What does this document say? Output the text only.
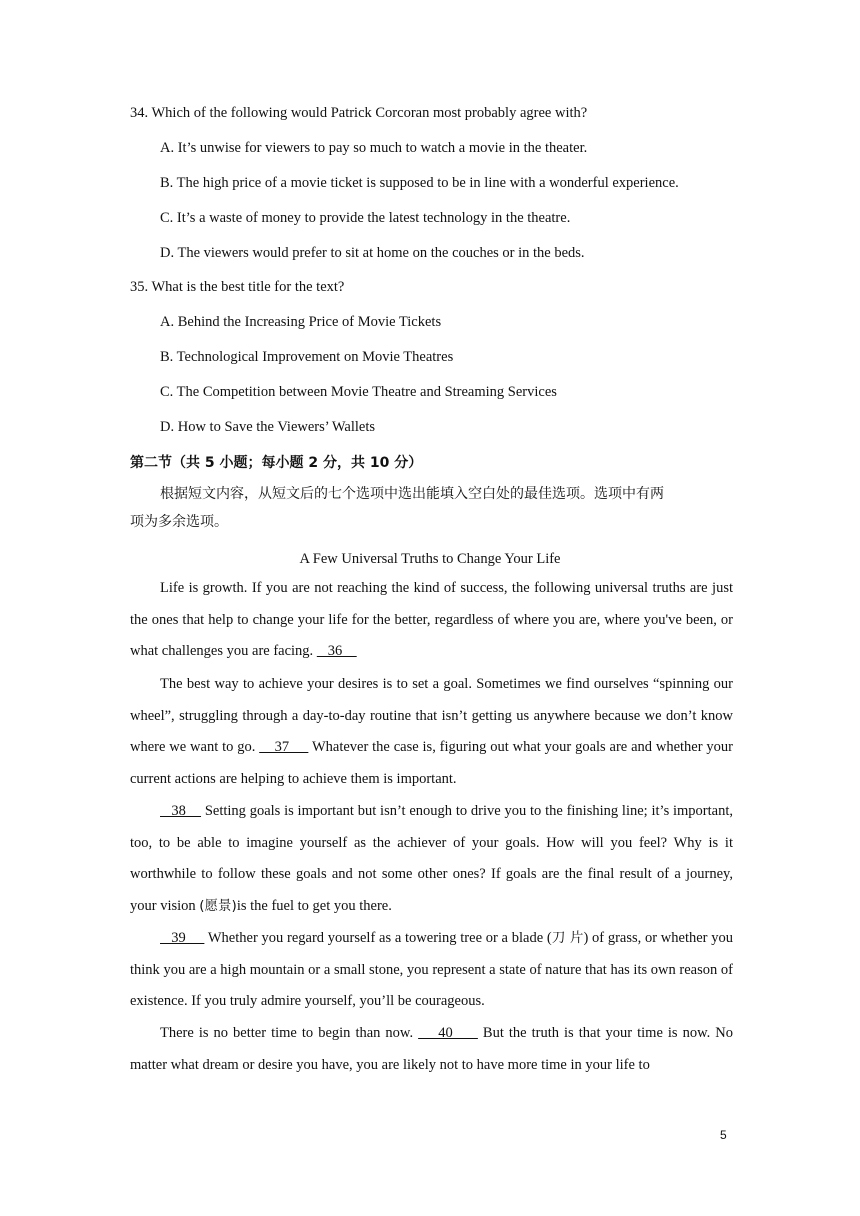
34. Which of the following would Patrick Corcoran most probably agree with?
A. It’s unwise for viewers to pay so much to watch a movie in the theater.
B. The high price of a movie ticket is supposed to be in line with a wonderful experience.
C. It’s a waste of money to provide the latest technology in the theatre.
D. The viewers would prefer to sit at home on the couches or in the beds.
35. What is the best title for the text?
A. Behind the Increasing Price of Movie Tickets
B. Technological Improvement on Movie Theatres
C. The Competition between Movie Theatre and Streaming Services
D. How to Save the Viewers’ Wallets
第二节（共 5 小题；每小题 2 分，共 10 分）
根据短文内容，从短文后的七个选项中选出能填入空白处的最佳选项。选项中有两
项为多余选项。
A Few Universal Truths to Change Your Life
Life is growth. If you are not reaching the kind of success, the following universal truths are just the ones that help to change your life for the better, regardless of where you are, where you've been, or what challenges you are facing.    36
The best way to achieve your desires is to set a goal. Sometimes we find ourselves “spinning our wheel”, struggling through a day-to-day routine that isn’t getting us anywhere because we don’t know where we want to go.     37      Whatever the case is, figuring out what your goals are and whether your current actions are helping to achieve them is important.
38     Setting goals is important but isn’t enough to drive you to the finishing line; it’s important, too, to be able to imagine yourself as the achiever of your goals. How will you feel? Why is it worthwhile to follow these goals and not some other ones? If goals are the final result of a journey, your vision (愿景)is the fuel to get you there.
39      Whether you regard yourself as a towering tree or a blade (刀 片) of grass, or whether you think you are a high mountain or a small stone, you represent a state of nature that has its own reason of existence. If you truly admire yourself, you’ll be courageous.
There is no better time to begin than now.     40      But the truth is that your time is now. No matter what dream or desire you have, you are likely not to have more time in your life to
5
